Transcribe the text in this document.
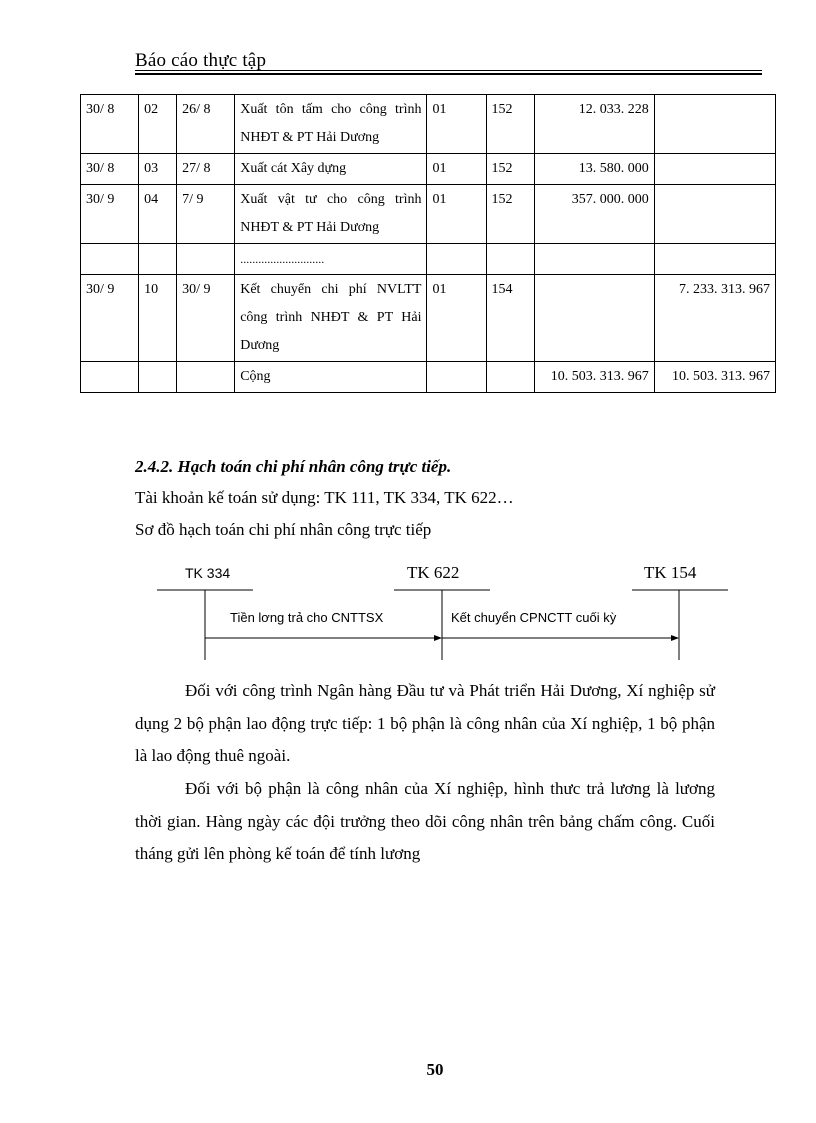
Báo cáo thực tập
30/ 8	02	26/ 8	Xuất tôn tấm cho công trình NHĐT & PT Hải Dương	01	152	12. 033. 228	
30/ 8	03	27/ 8	Xuất cát Xây dựng	01	152	13. 580. 000	
30/ 9	04	7/ 9	Xuất vật tư cho công trình NHĐT & PT Hải Dương	01	152	357. 000. 000	
			............................				
30/ 9	10	30/ 9	Kết chuyển chi phí NVLTT công trình NHĐT & PT Hải Dương	01	154		7. 233. 313. 967
			Cộng			10. 503. 313. 967	10. 503. 313. 967
2.4.2. Hạch toán chi phí nhân công trực tiếp.
Tài khoản kế toán sử dụng: TK 111, TK 334, TK 622…
Sơ đồ hạch toán chi phí nhân công trực tiếp
TK 334	TK 622	TK 154
Tiền lơng trả cho CNTTSX	Kết chuyển CPNCTT cuối kỳ
Đối với công trình Ngân hàng Đầu tư và Phát triển Hải Dương, Xí nghiệp sử dụng 2 bộ phận lao động trực tiếp: 1 bộ phận là công nhân của Xí nghiệp, 1 bộ phận là lao động thuê ngoài.
Đối với bộ phận là công nhân của Xí nghiệp, hình thưc trả lương là lương thời gian. Hàng ngày các đội trưởng theo dõi công nhân trên bảng chấm công. Cuối tháng gửi lên phòng kế toán để tính lương
50
